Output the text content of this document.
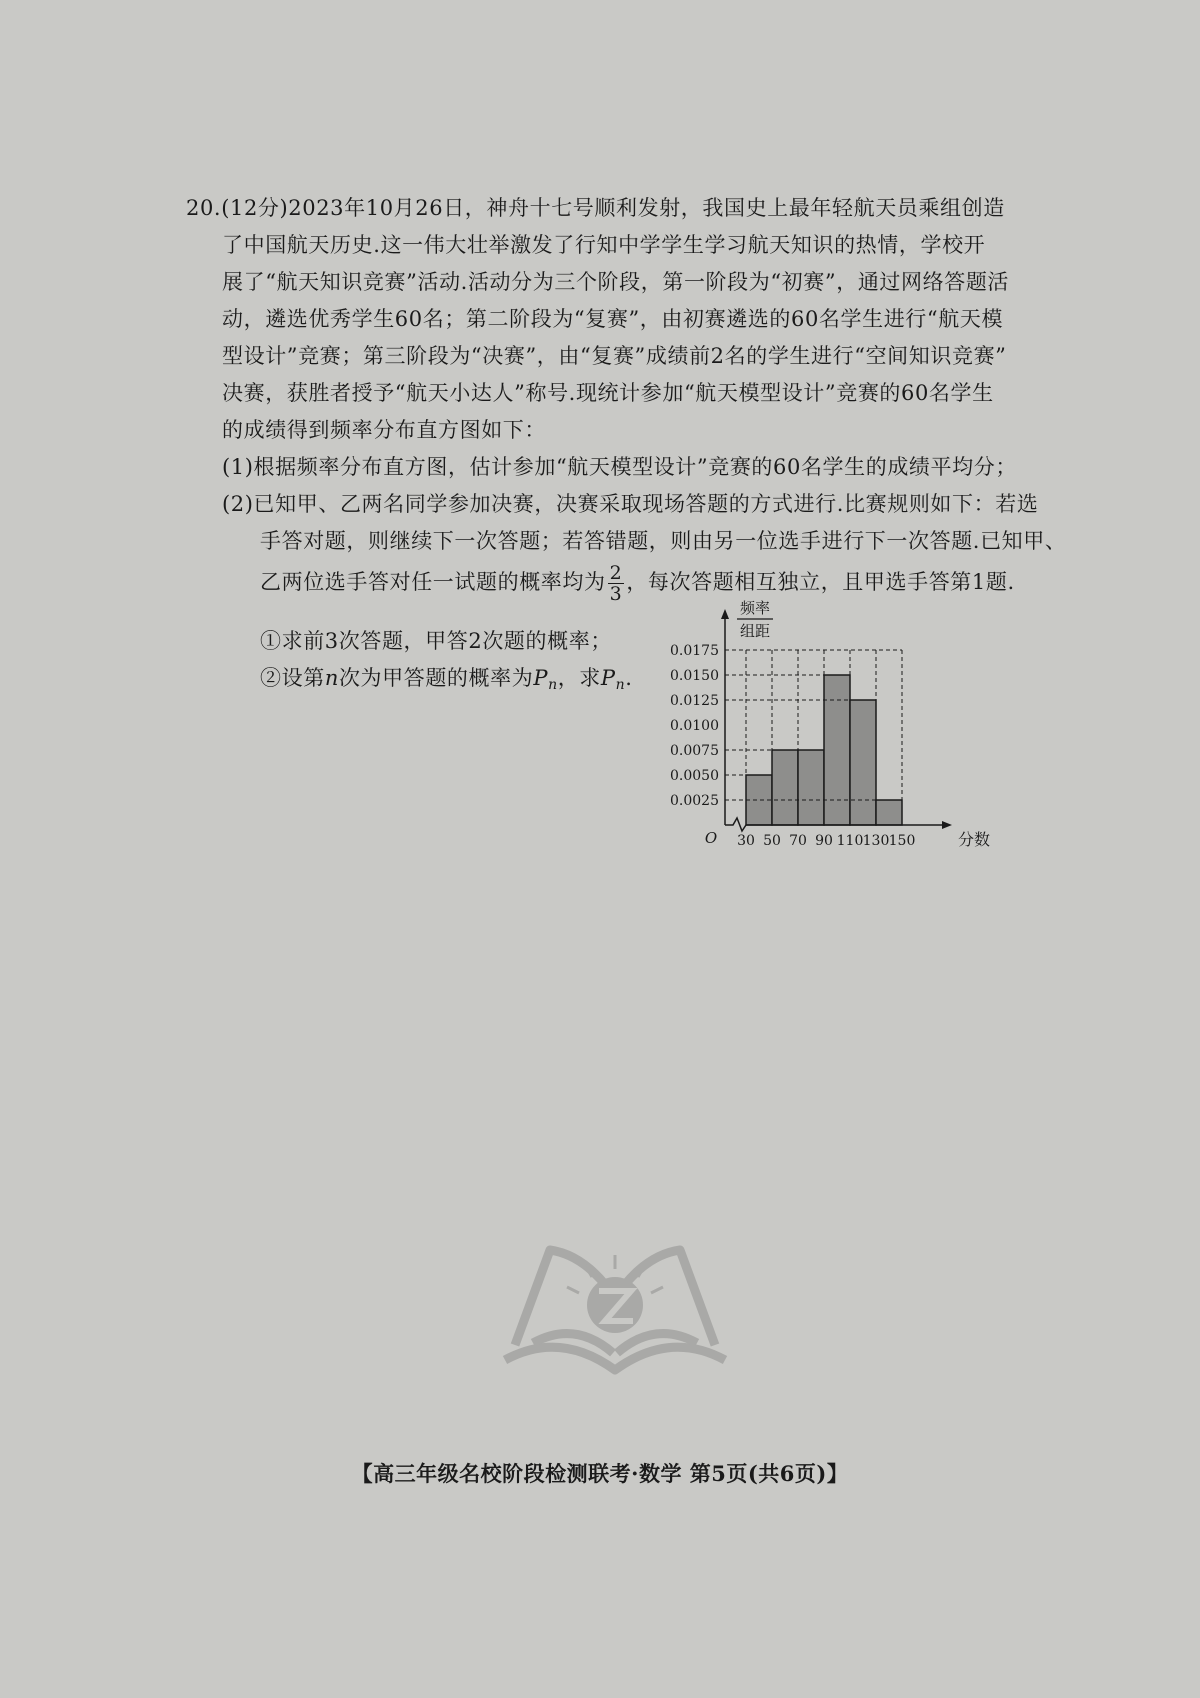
20.(12分)2023年10月26日，神舟十七号顺利发射，我国史上最年轻航天员乘组创造
了中国航天历史.这一伟大壮举激发了行知中学学生学习航天知识的热情，学校开
展了“航天知识竞赛”活动.活动分为三个阶段，第一阶段为“初赛”，通过网络答题活
动，遴选优秀学生60名；第二阶段为“复赛”，由初赛遴选的60名学生进行“航天模
型设计”竞赛；第三阶段为“决赛”，由“复赛”成绩前2名的学生进行“空间知识竞赛”
决赛，获胜者授予“航天小达人”称号.现统计参加“航天模型设计”竞赛的60名学生
的成绩得到频率分布直方图如下：
(1)根据频率分布直方图，估计参加“航天模型设计”竞赛的60名学生的成绩平均分；
(2)已知甲、乙两名同学参加决赛，决赛采取现场答题的方式进行.比赛规则如下：若选
手答对题，则继续下一次答题；若答错题，则由另一位选手进行下一次答题.已知甲、
乙两位选手答对任一试题的概率均为 $\frac{2}{3}$ ，每次答题相互独立，且甲选手答第1题.
①求前3次答题，甲答2次题的概率；
②设第n次为甲答题的概率为$P_n$，求$P_n$.
0.0025
0.0050
0.0075
0.0100
0.0125
0.0150
0.0175
30 50 70 90 110 130 150
O	分数
频率
组距
【高三年级名校阶段检测联考·数学 第5页(共6页)】
